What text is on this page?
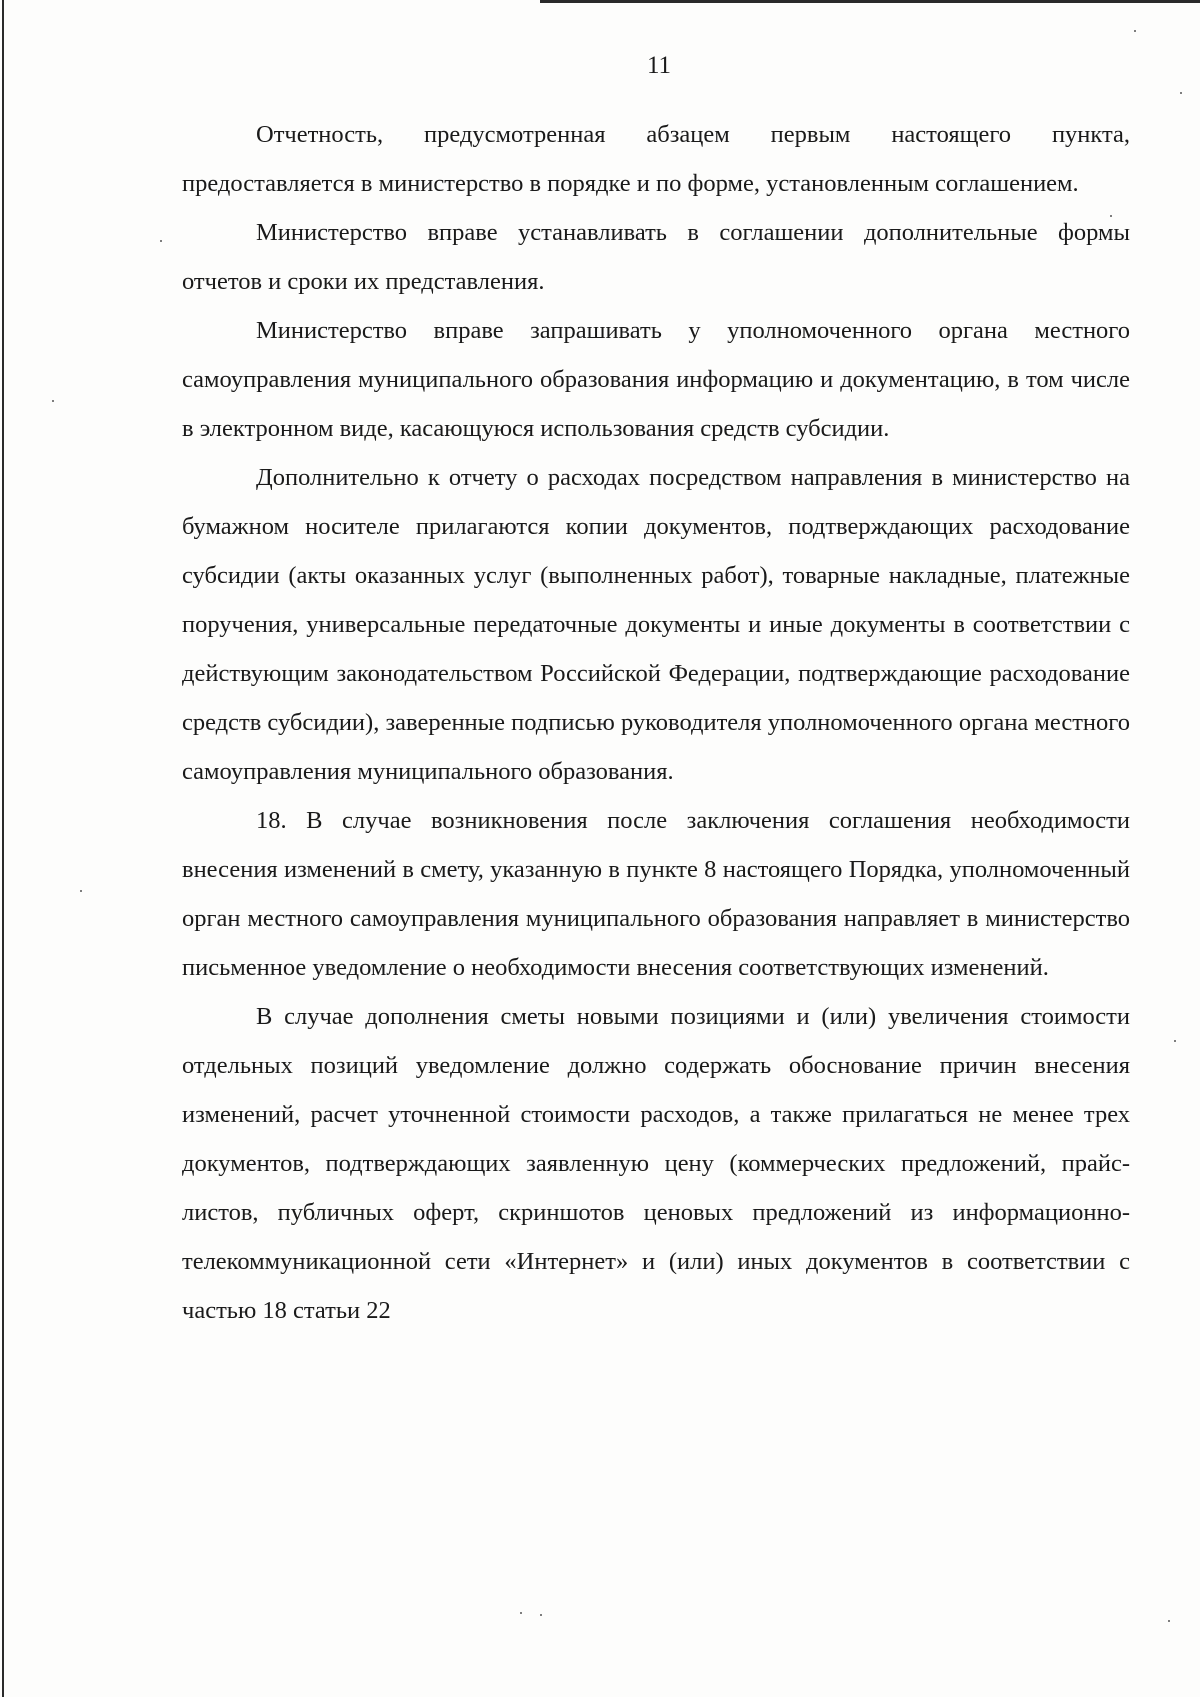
11

Отчетность, предусмотренная абзацем первым настоящего пункта, предоставляется в министерство в порядке и по форме, установленным соглашением.

Министерство вправе устанавливать в соглашении дополнительные формы отчетов и сроки их представления.

Министерство вправе запрашивать у уполномоченного органа местного самоуправления муниципального образования информацию и документацию, в том числе в электронном виде, касающуюся использования средств субсидии.

Дополнительно к отчету о расходах посредством направления в министерство на бумажном носителе прилагаются копии документов, подтверждающих расходование субсидии (акты оказанных услуг (выполненных работ), товарные накладные, платежные поручения, универсальные передаточные документы и иные документы в соответствии с действующим законодательством Российской Федерации, подтверждающие расходование средств субсидии), заверенные подписью руководителя уполномоченного органа местного самоуправления муниципального образования.

18. В случае возникновения после заключения соглашения необходимости внесения изменений в смету, указанную в пункте 8 настоящего Порядка, уполномоченный орган местного самоуправления муниципального образования направляет в министерство письменное уведомление о необходимости внесения соответствующих изменений.

В случае дополнения сметы новыми позициями и (или) увеличения стоимости отдельных позиций уведомление должно содержать обоснование причин внесения изменений, расчет уточненной стоимости расходов, а также прилагаться не менее трех документов, подтверждающих заявленную цену (коммерческих предложений, прайс-листов, публичных оферт, скриншотов ценовых предложений из информационно-телекоммуникационной сети «Интернет» и (или) иных документов в соответствии с частью 18 статьи 22
